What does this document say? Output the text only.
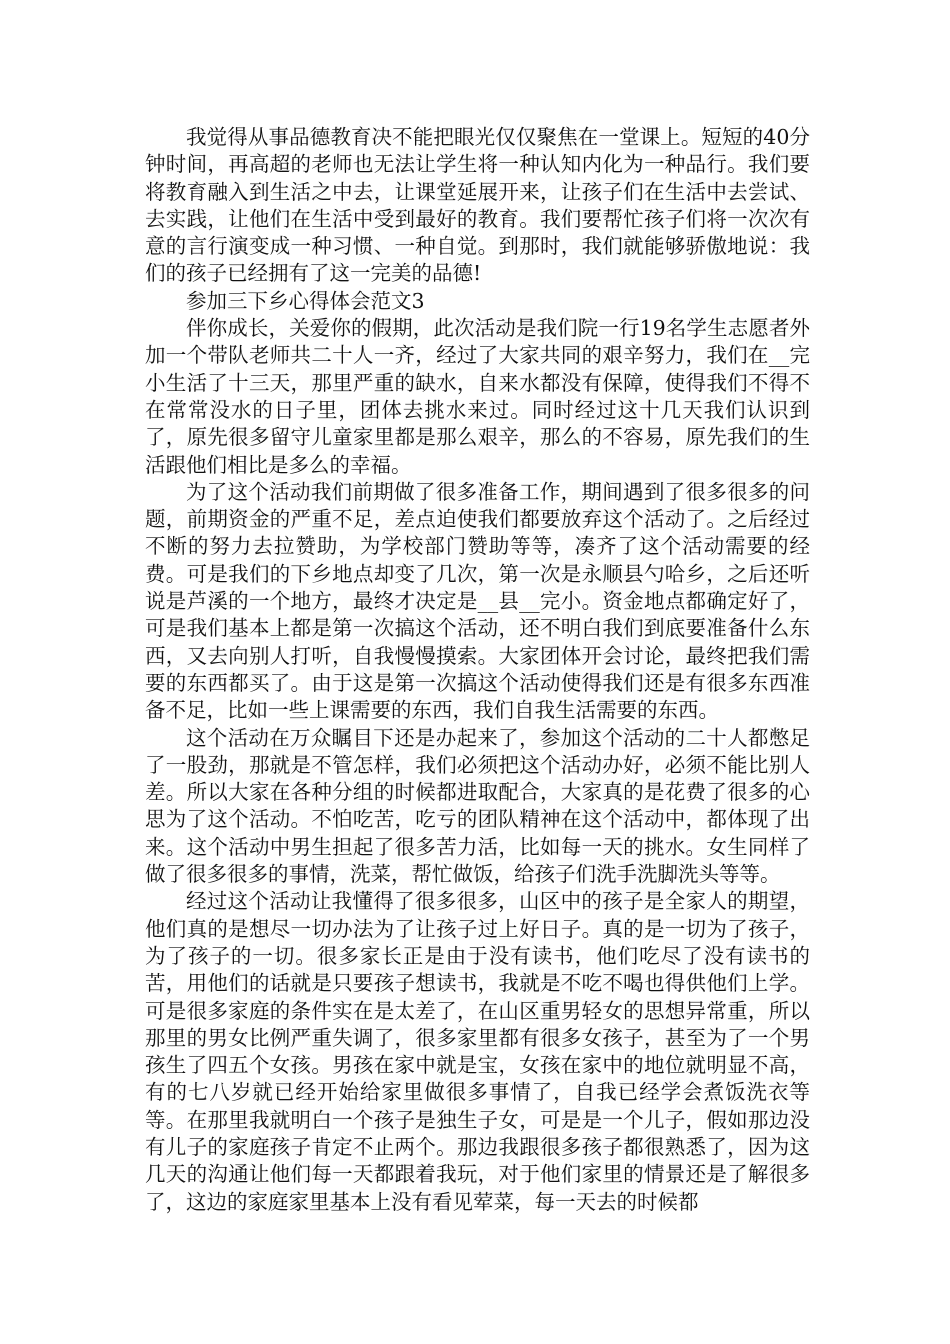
我觉得从事品德教育决不能把眼光仅仅聚焦在一堂课上。短短的40分钟时间，再高超的老师也无法让学生将一种认知内化为一种品行。我们要将教育融入到生活之中去，让课堂延展开来，让孩子们在生活中去尝试、去实践，让他们在生活中受到最好的教育。我们要帮忙孩子们将一次次有意的言行演变成一种习惯、一种自觉。到那时，我们就能够骄傲地说：我们的孩子已经拥有了这一完美的品德!

参加三下乡心得体会范文3

伴你成长，关爱你的假期，此次活动是我们院一行19名学生志愿者外加一个带队老师共二十人一齐，经过了大家共同的艰辛努力，我们在__完小生活了十三天，那里严重的缺水，自来水都没有保障，使得我们不得不在常常没水的日子里，团体去挑水来过。同时经过这十几天我们认识到了，原先很多留守儿童家里都是那么艰辛，那么的不容易，原先我们的生活跟他们相比是多么的幸福。

为了这个活动我们前期做了很多准备工作，期间遇到了很多很多的问题，前期资金的严重不足，差点迫使我们都要放弃这个活动了。之后经过不断的努力去拉赞助，为学校部门赞助等等，凑齐了这个活动需要的经费。可是我们的下乡地点却变了几次，第一次是永顺县勺哈乡，之后还听说是芦溪的一个地方，最终才决定是__县__完小。资金地点都确定好了，可是我们基本上都是第一次搞这个活动，还不明白我们到底要准备什么东西，又去向别人打听，自我慢慢摸索。大家团体开会讨论，最终把我们需要的东西都买了。由于这是第一次搞这个活动使得我们还是有很多东西准备不足，比如一些上课需要的东西，我们自我生活需要的东西。

这个活动在万众瞩目下还是办起来了，参加这个活动的二十人都憋足了一股劲，那就是不管怎样，我们必须把这个活动办好，必须不能比别人差。所以大家在各种分组的时候都进取配合，大家真的是花费了很多的心思为了这个活动。不怕吃苦，吃亏的团队精神在这个活动中，都体现了出来。这个活动中男生担起了很多苦力活，比如每一天的挑水。女生同样了做了很多很多的事情，洗菜，帮忙做饭，给孩子们洗手洗脚洗头等等。

经过这个活动让我懂得了很多很多，山区中的孩子是全家人的期望，他们真的是想尽一切办法为了让孩子过上好日子。真的是一切为了孩子，为了孩子的一切。很多家长正是由于没有读书，他们吃尽了没有读书的苦，用他们的话就是只要孩子想读书，我就是不吃不喝也得供他们上学。可是很多家庭的条件实在是太差了，在山区重男轻女的思想异常重，所以那里的男女比例严重失调了，很多家里都有很多女孩子，甚至为了一个男孩生了四五个女孩。男孩在家中就是宝，女孩在家中的地位就明显不高，有的七八岁就已经开始给家里做很多事情了，自我已经学会煮饭洗衣等等。在那里我就明白一个孩子是独生子女，可是是一个儿子，假如那边没有儿子的家庭孩子肯定不止两个。那边我跟很多孩子都很熟悉了，因为这几天的沟通让他们每一天都跟着我玩，对于他们家里的情景还是了解很多了，这边的家庭家里基本上没有看见荤菜，每一天去的时候都
